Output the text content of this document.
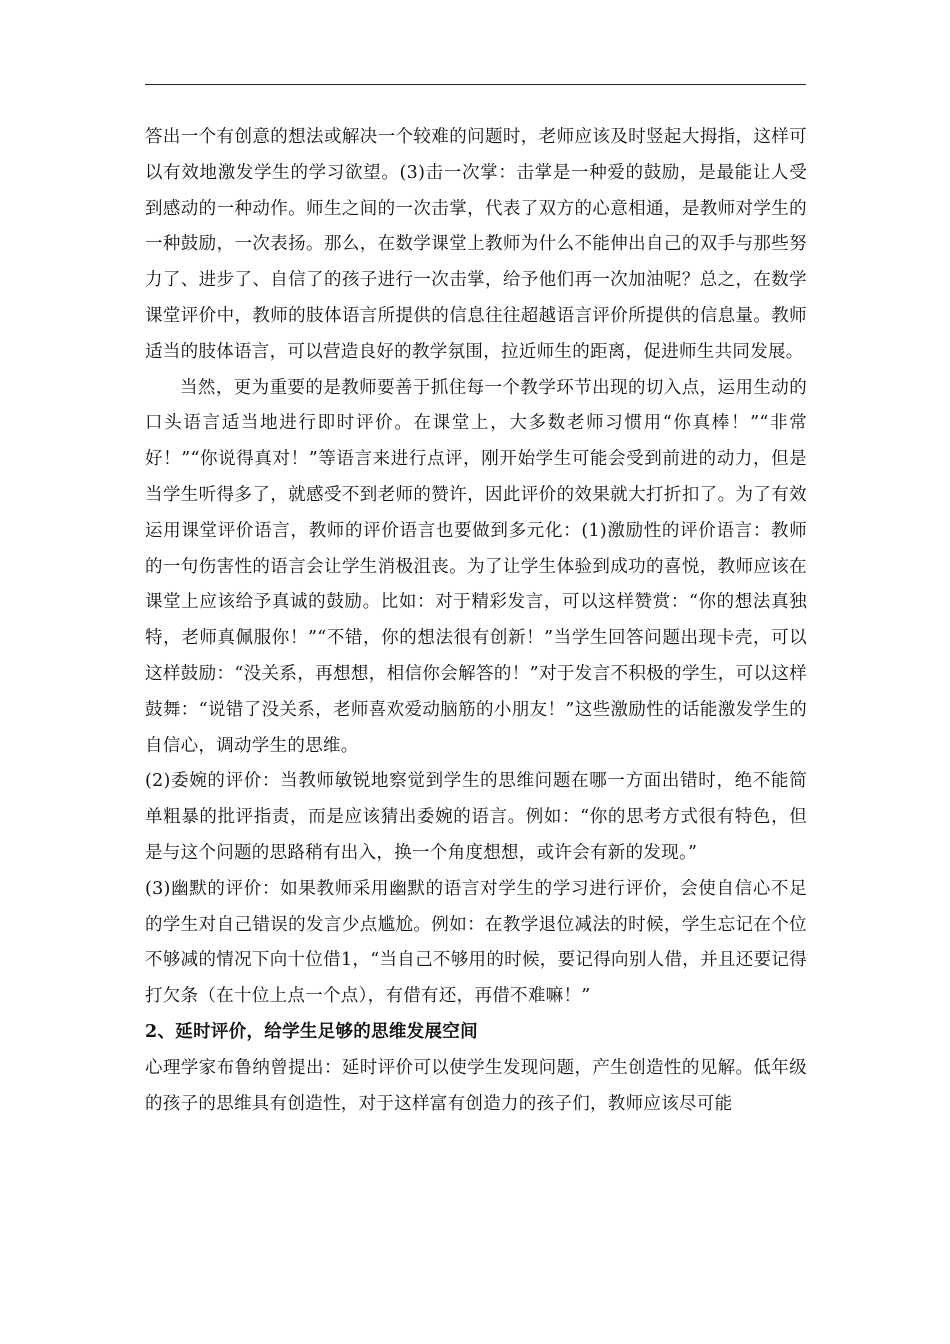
答出一个有创意的想法或解决一个较难的问题时，老师应该及时竖起大拇指，这样可以有效地激发学生的学习欲望。(3)击一次掌：击掌是一种爱的鼓励，是最能让人受到感动的一种动作。师生之间的一次击掌，代表了双方的心意相通，是教师对学生的一种鼓励，一次表扬。那么，在数学课堂上教师为什么不能伸出自己的双手与那些努力了、进步了、自信了的孩子进行一次击掌，给予他们再一次加油呢？总之，在数学课堂评价中，教师的肢体语言所提供的信息往往超越语言评价所提供的信息量。教师适当的肢体语言，可以营造良好的教学氛围，拉近师生的距离，促进师生共同发展。

当然，更为重要的是教师要善于抓住每一个教学环节出现的切入点，运用生动的口头语言适当地进行即时评价。在课堂上，大多数老师习惯用“你真棒！”“非常好！”“你说得真对！”等语言来进行点评，刚开始学生可能会受到前进的动力，但是当学生听得多了，就感受不到老师的赞许，因此评价的效果就大打折扣了。为了有效运用课堂评价语言，教师的评价语言也要做到多元化：(1)激励性的评价语言：教师的一句伤害性的语言会让学生消极沮丧。为了让学生体验到成功的喜悦，教师应该在课堂上应该给予真诚的鼓励。比如：对于精彩发言，可以这样赞赏：“你的想法真独特，老师真佩服你！”“不错，你的想法很有创新！”当学生回答问题出现卡壳，可以这样鼓励：“没关系，再想想，相信你会解答的！”对于发言不积极的学生，可以这样鼓舞：“说错了没关系，老师喜欢爱动脑筋的小朋友！”这些激励性的话能激发学生的自信心，调动学生的思维。

(2)委婉的评价：当教师敏锐地察觉到学生的思维问题在哪一方面出错时，绝不能简单粗暴的批评指责，而是应该猜出委婉的语言。例如：“你的思考方式很有特色，但是与这个问题的思路稍有出入，换一个角度想想，或许会有新的发现。”

(3)幽默的评价：如果教师采用幽默的语言对学生的学习进行评价，会使自信心不足的学生对自己错误的发言少点尴尬。例如：在教学退位减法的时候，学生忘记在个位不够减的情况下向十位借1，“当自己不够用的时候，要记得向别人借，并且还要记得打欠条（在十位上点一个点），有借有还，再借不难嘛！”

2、延时评价，给学生足够的思维发展空间

心理学家布鲁纳曾提出：延时评价可以使学生发现问题，产生创造性的见解。低年级的孩子的思维具有创造性，对于这样富有创造力的孩子们，教师应该尽可能
